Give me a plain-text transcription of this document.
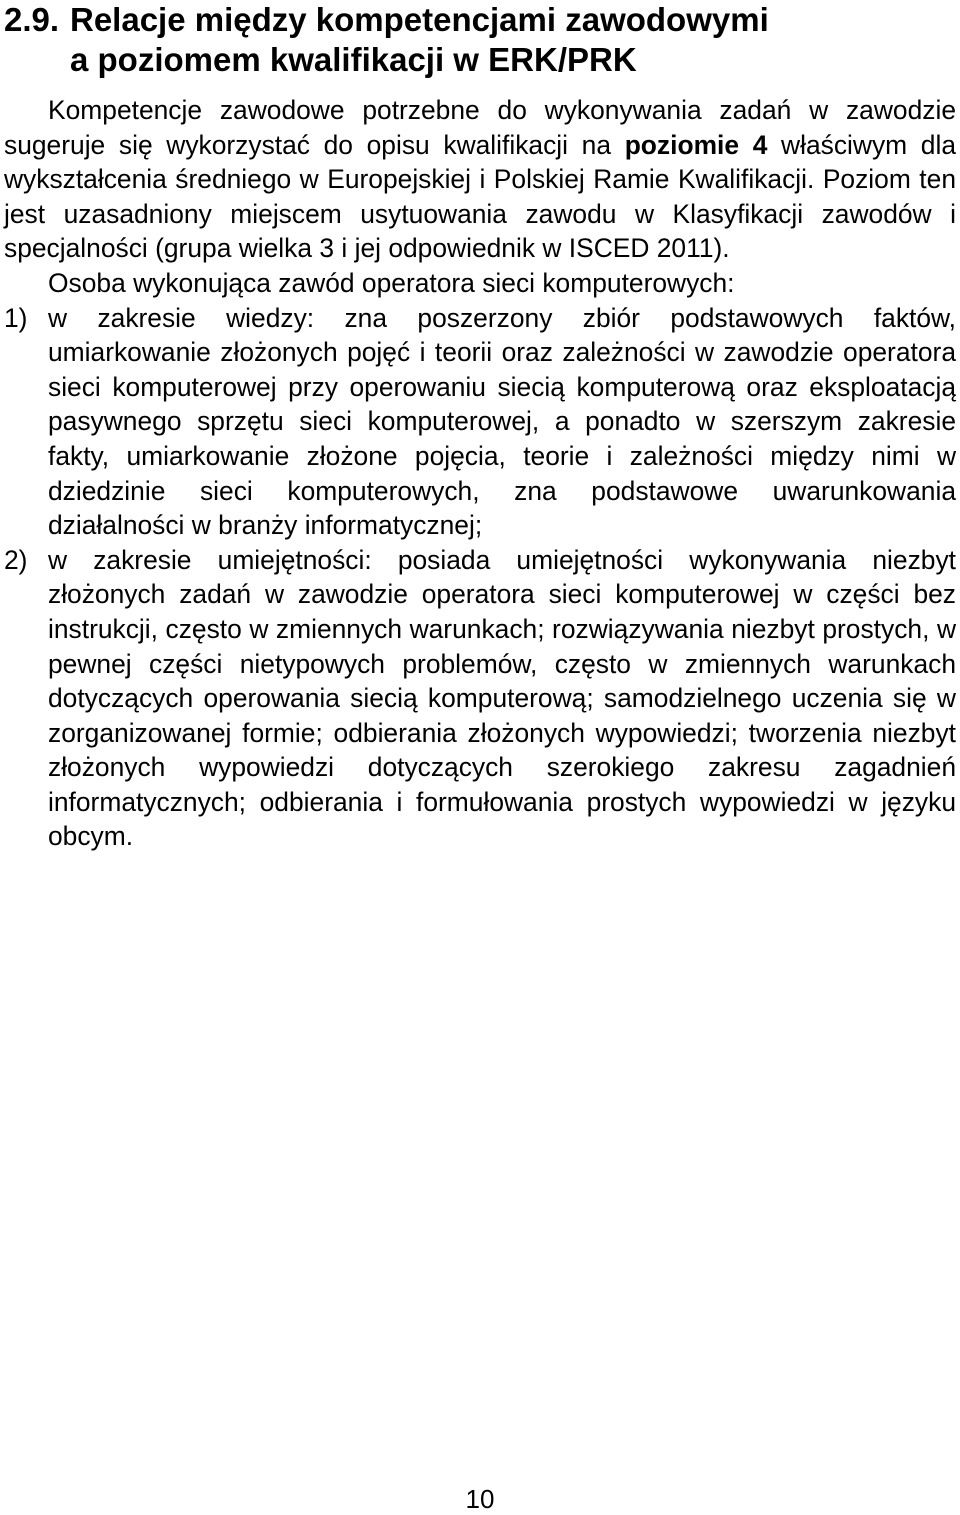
2.9. Relacje między kompetencjami zawodowymi
a poziomem kwalifikacji w ERK/PRK

Kompetencje zawodowe potrzebne do wykonywania zadań w zawodzie sugeruje się wykorzystać do opisu kwalifikacji na poziomie 4 właściwym dla wykształcenia średniego w Europejskiej i Polskiej Ramie Kwalifikacji. Poziom ten jest uzasadniony miejscem usytuowania zawodu w Klasyfikacji zawodów i specjalności (grupa wielka 3 i jej odpowiednik w ISCED 2011).

Osoba wykonująca zawód operatora sieci komputerowych:

1) w zakresie wiedzy: zna poszerzony zbiór podstawowych faktów, umiarkowanie złożonych pojęć i teorii oraz zależności w zawodzie operatora sieci komputerowej przy operowaniu siecią komputerową oraz eksploatacją pasywnego sprzętu sieci komputerowej, a ponadto w szerszym zakresie fakty, umiarkowanie złożone pojęcia, teorie i zależności między nimi w dziedzinie sieci komputerowych, zna podstawowe uwarunkowania działalności w branży informatycznej;
2) w zakresie umiejętności: posiada umiejętności wykonywania niezbyt złożonych zadań w zawodzie operatora sieci komputerowej w części bez instrukcji, często w zmiennych warunkach; rozwiązywania niezbyt prostych, w pewnej części nietypowych problemów, często w zmiennych warunkach dotyczących operowania siecią komputerową; samodzielnego uczenia się w zorganizowanej formie; odbierania złożonych wypowiedzi; tworzenia niezbyt złożonych wypowiedzi dotyczących szerokiego zakresu zagadnień informatycznych; odbierania i formułowania prostych wypowiedzi w języku obcym.
10
